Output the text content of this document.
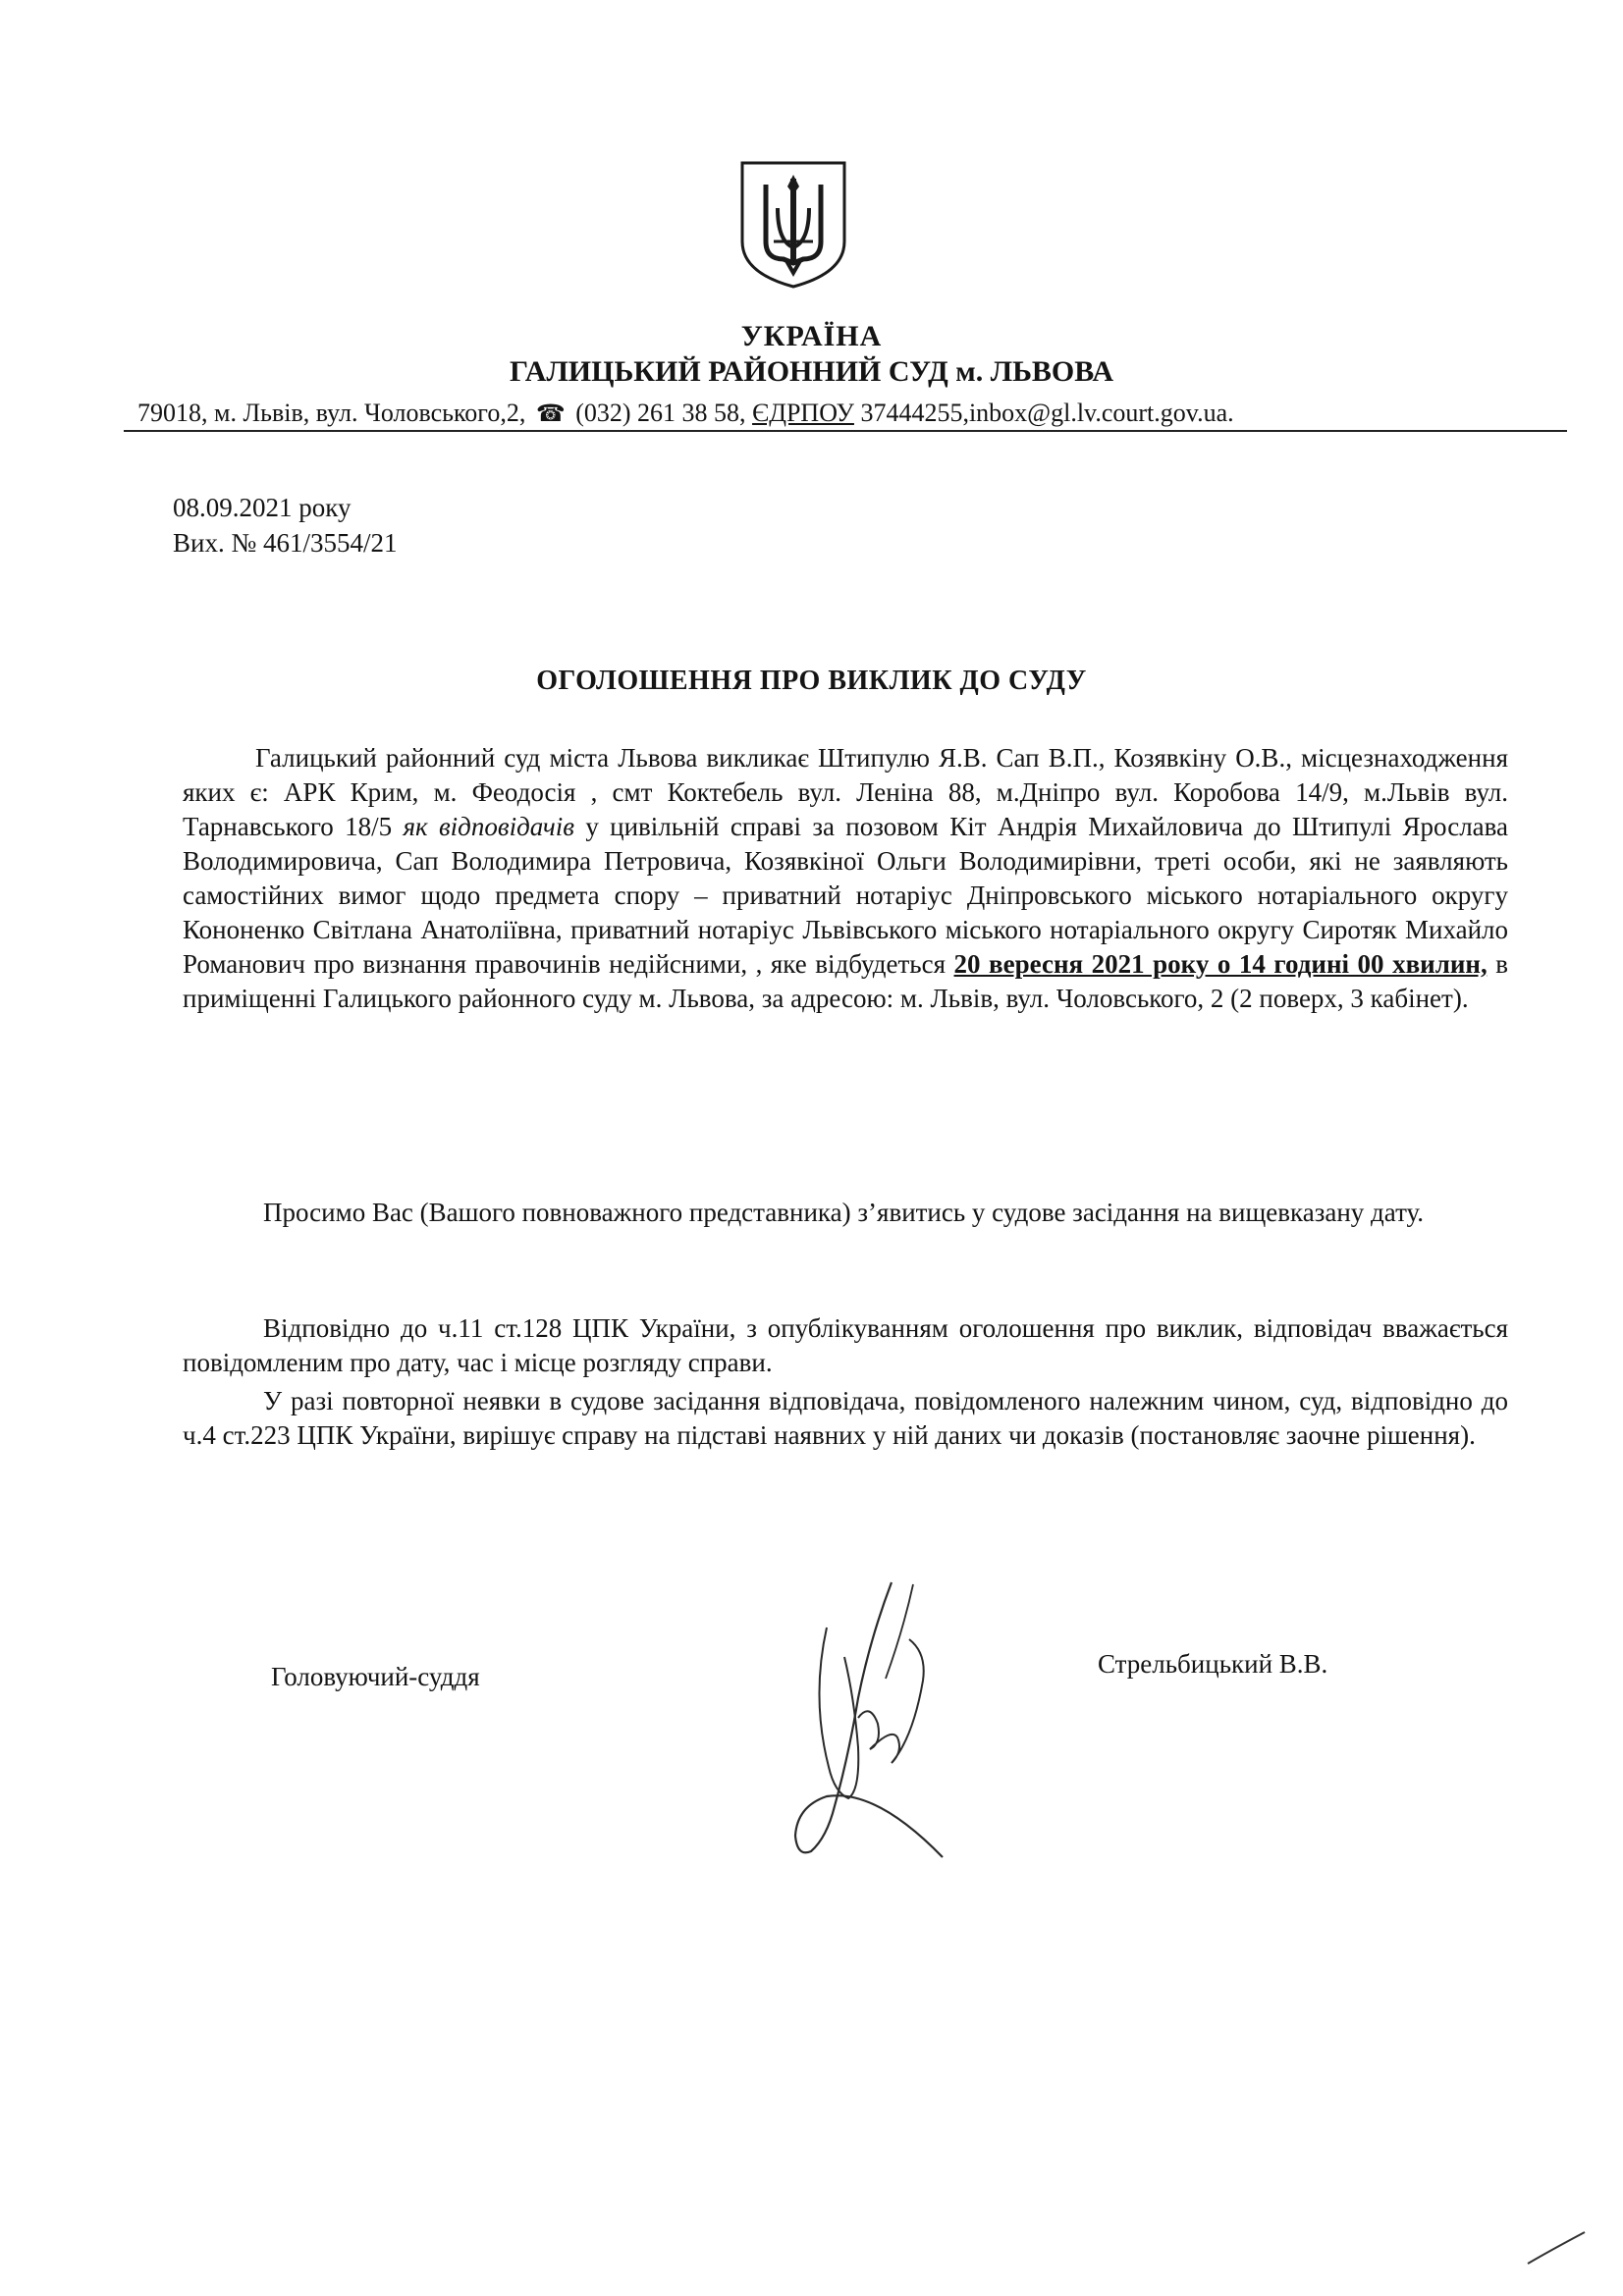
УКРАЇНА
ГАЛИЦЬКИЙ РАЙОННИЙ СУД м. ЛЬВОВА
79018, м. Львів, вул. Чоловського,2, ☎ (032) 261 38 58, ЄДРПОУ 37444255,inbox@gl.lv.court.gov.ua.
08.09.2021 року
Вих. № 461/3554/21
ОГОЛОШЕННЯ ПРО ВИКЛИК ДО СУДУ
Галицький районний суд міста Львова викликає Штипулю Я.В. Сап В.П., Козявкіну О.В., місцезнаходження яких є: АРК Крим, м. Феодосія , смт Коктебель вул. Леніна 88, м.Дніпро вул. Коробова 14/9, м.Львів вул. Тарнавського 18/5 як відповідачів у цивільній справі за позовом Кіт Андрія Михайловича до Штипулі Ярослава Володимировича, Сап Володимира Петровича, Козявкіної Ольги Володимирівни, треті особи, які не заявляють самостійних вимог щодо предмета спору – приватний нотаріус Дніпровського міського нотаріального округу Кононенко Світлана Анатоліївна, приватний нотаріус Львівського міського нотаріального округу Сиротяк Михайло Романович про визнання правочинів недійсними, , яке відбудеться 20 вересня 2021 року о 14 годині 00 хвилин, в приміщенні Галицького районного суду м. Львова, за адресою: м. Львів, вул. Чоловського, 2 (2 поверх, 3 кабінет).
Просимо Вас (Вашого повноважного представника) з’явитись у судове засідання на вищевказану дату.
Відповідно до ч.11 ст.128 ЦПК України, з опублікуванням оголошення про виклик, відповідач вважається повідомленим про дату, час і місце розгляду справи.
У разі повторної неявки в судове засідання відповідача, повідомленого належним чином, суд, відповідно до ч.4 ст.223 ЦПК України, вирішує справу на підставі наявних у ній даних чи доказів (постановляє заочне рішення).
Головуючий-суддя	Стрельбицький В.В.
